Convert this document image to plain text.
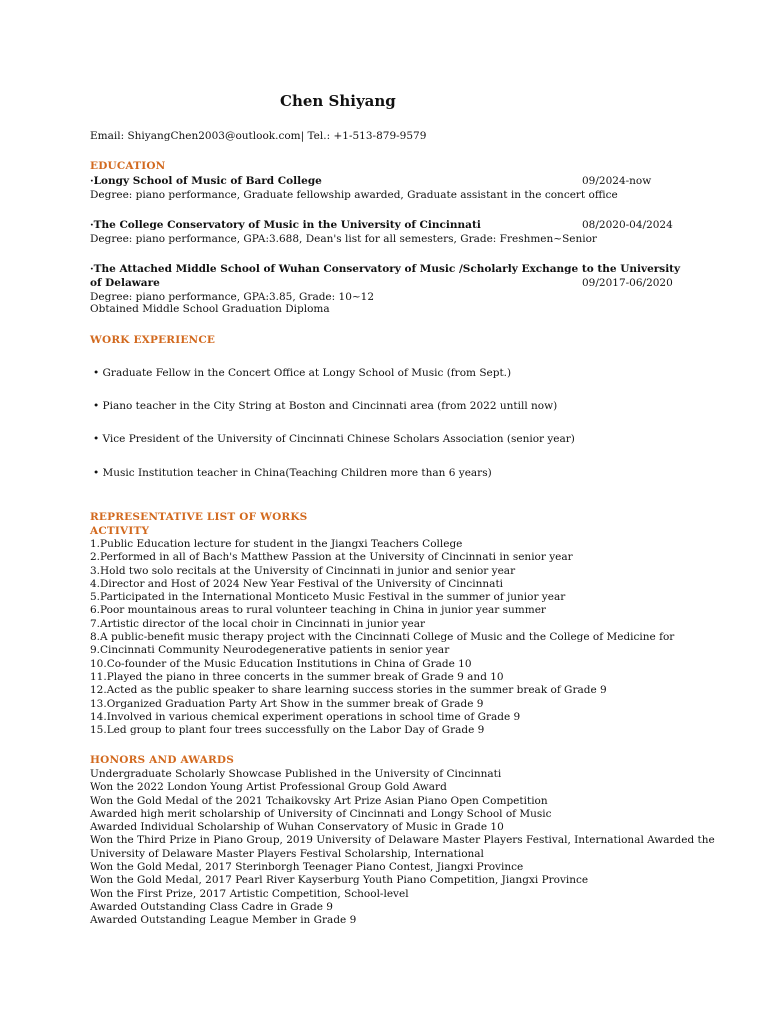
Chen Shiyang
Email: ShiyangChen2003@outlook.com| Tel.: +1-513-879-9579
EDUCATION
·Longy School of Music of Bard College	09/2024-now
Degree: piano performance, Graduate fellowship awarded, Graduate assistant in the concert office
·The College Conservatory of Music in the University of Cincinnati	08/2020-04/2024
Degree: piano performance, GPA:3.688, Dean's list for all semesters, Grade: Freshmen~Senior
·The Attached Middle School of Wuhan Conservatory of Music /Scholarly Exchange to the University
of Delaware	09/2017-06/2020
Degree: piano performance, GPA:3.85, Grade: 10~12
Obtained Middle School Graduation Diploma
WORK EXPERIENCE
• Graduate Fellow in the Concert Office at Longy School of Music (from Sept.)
• Piano teacher in the City String at Boston and Cincinnati area (from 2022 untill now)
• Vice President of the University of Cincinnati Chinese Scholars Association (senior year)
• Music Institution teacher in China(Teaching Children more than 6 years)
REPRESENTATIVE LIST OF WORKS
ACTIVITY
1.Public Education lecture for student in the Jiangxi Teachers College
2.Performed in all of Bach's Matthew Passion at the University of Cincinnati in senior year
3.Hold two solo recitals at the University of Cincinnati in junior and senior year
4.Director and Host of 2024 New Year Festival of the University of Cincinnati
5.Participated in the International Monticeto Music Festival in the summer of junior year
6.Poor mountainous areas to rural volunteer teaching in China in junior year summer
7.Artistic director of the local choir in Cincinnati in junior year
8.A public-benefit music therapy project with the Cincinnati College of Music and the College of Medicine for
9.Cincinnati Community Neurodegenerative patients in senior year
10.Co-founder of the Music Education Institutions in China of Grade 10
11.Played the piano in three concerts in the summer break of Grade 9 and 10
12.Acted as the public speaker to share learning success stories in the summer break of Grade 9
13.Organized Graduation Party Art Show in the summer break of Grade 9
14.Involved in various chemical experiment operations in school time of Grade 9
15.Led group to plant four trees successfully on the Labor Day of Grade 9
HONORS AND AWARDS
Undergraduate Scholarly Showcase Published in the University of Cincinnati
Won the 2022 London Young Artist Professional Group Gold Award
Won the Gold Medal of the 2021 Tchaikovsky Art Prize Asian Piano Open Competition
Awarded high merit scholarship of University of Cincinnati and Longy School of Music
Awarded Individual Scholarship of Wuhan Conservatory of Music in Grade 10
Won the Third Prize in Piano Group, 2019 University of Delaware Master Players Festival, International Awarded the
University of Delaware Master Players Festival Scholarship, International
Won the Gold Medal, 2017 Sterinborgh Teenager Piano Contest, Jiangxi Province
Won the Gold Medal, 2017 Pearl River Kayserburg Youth Piano Competition, Jiangxi Province
Won the First Prize, 2017 Artistic Competition, School-level
Awarded Outstanding Class Cadre in Grade 9
Awarded Outstanding League Member in Grade 9
